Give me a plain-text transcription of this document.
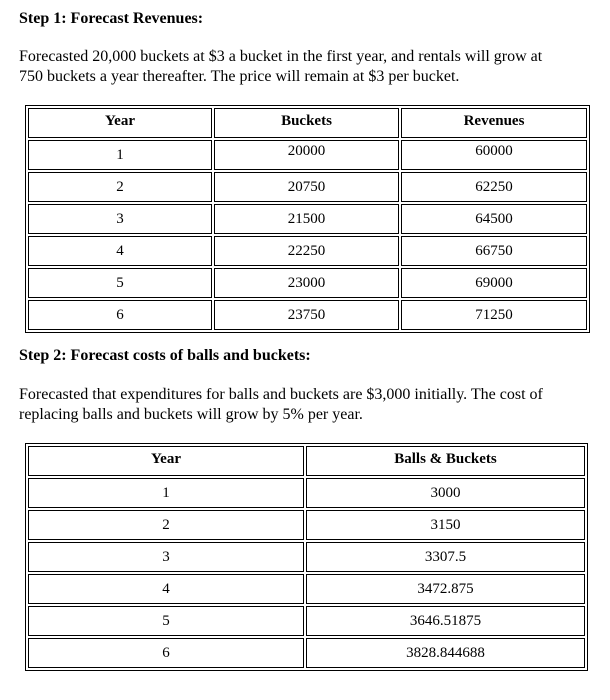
Step 1: Forecast Revenues:
Forecasted 20,000 buckets at $3 a bucket in the first year, and rentals will grow at
750 buckets a year thereafter. The price will remain at $3 per bucket.
Year	Buckets	Revenues
1	20000	60000
2	20750	62250
3	21500	64500
4	22250	66750
5	23000	69000
6	23750	71250
Step 2: Forecast costs of balls and buckets:
Forecasted that expenditures for balls and buckets are $3,000 initially. The cost of
replacing balls and buckets will grow by 5% per year.
Year	Balls & Buckets
1	3000
2	3150
3	3307.5
4	3472.875
5	3646.51875
6	3828.844688
